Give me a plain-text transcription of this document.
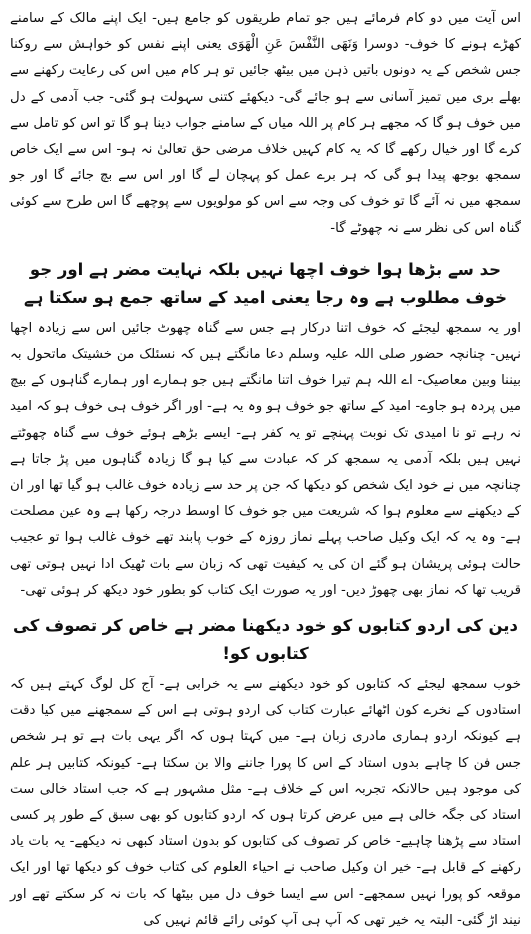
اس آیت میں دو کام فرمائے ہیں جو تمام طریقوں کو جامع ہیں- ایک اپنے مالک کے سامنے کھڑے ہونے کا خوف- دوسرا وَنَهَى النَّفْسَ عَنِ الْهَوَى یعنی اپنے نفس کو خواہش سے روکنا جس شخص کے یہ دونوں باتیں ذہن میں بیٹھ جائیں تو ہر کام میں اس کی رعایت رکھنے سے بھلے بری میں تمیز آسانی سے ہو جائے گی- دیکھئے کتنی سہولت ہو گئی- جب آدمی کے دل میں خوف ہو گا کہ مجھے ہر کام پر اللہ میاں کے سامنے جواب دینا ہو گا تو اس کو تامل سے کرے گا اور خیال رکھے گا کہ یہ کام کہیں خلاف مرضی حق تعالیٰ نہ ہو- اس سے ایک خاص سمجھ بوجھ پیدا ہو گی کہ ہر برے عمل کو پہچان لے گا اور اس سے بچ جائے گا اور جو سمجھ میں نہ آئے گا تو خوف کی وجہ سے اس کو مولویوں سے پوچھے گا اس طرح سے کوئی گناہ اس کی نظر سے نہ چھوٹے گا-

حد سے بڑھا ہوا خوف اچھا نہیں بلکہ نہایت مضر ہے اور جو خوف مطلوب ہے وہ رجا یعنی امید کے ساتھ جمع ہو سکتا ہے

اور یہ سمجھ لیجئے کہ خوف اتنا درکار ہے جس سے گناہ چھوٹ جائیں اس سے زیادہ اچھا نہیں- چنانچہ حضور صلی اللہ علیہ وسلم دعا مانگتے ہیں کہ نسئلک من خشیتک ماتحول بہ بیننا وبین معاصیک- اے اللہ ہم تیرا خوف اتنا مانگتے ہیں جو ہمارے اور ہمارے گناہوں کے بیچ میں پردہ ہو جاوے- امید کے ساتھ جو خوف ہو وہ یہ ہے- اور اگر خوف ہی خوف ہو کہ امید نہ رہے تو نا امیدی تک نوبت پہنچے تو یہ کفر ہے- ایسے بڑھے ہوئے خوف سے گناہ چھوٹتے نہیں ہیں بلکہ آدمی یہ سمجھ کر کہ عبادت سے کیا ہو گا زیادہ گناہوں میں پڑ جاتا ہے چنانچہ میں نے خود ایک شخص کو دیکھا کہ جن پر حد سے زیادہ خوف غالب ہو گیا تھا اور ان کے دیکھنے سے معلوم ہوا کہ شریعت میں جو خوف کا اوسط درجہ رکھا ہے وہ عین مصلحت ہے- وہ یہ کہ ایک وکیل صاحب پہلے نماز روزہ کے خوب پابند تھے خوف غالب ہوا تو عجیب حالت ہوئی پریشان ہو گئے ان کی یہ کیفیت تھی کہ زبان سے بات ٹھیک ادا نہیں ہوتی تھی قریب تھا کہ نماز بھی چھوڑ دیں- اور یہ صورت ایک کتاب کو بطور خود دیکھ کر ہوئی تھی-

دین کی اردو کتابوں کو خود دیکھنا مضر ہے خاص کر تصوف کی کتابوں کو!

خوب سمجھ لیجئے کہ کتابوں کو خود دیکھنے سے یہ خرابی ہے- آج کل لوگ کہتے ہیں کہ استادوں کے نخرے کون اٹھائے عبارت کتاب کی اردو ہوتی ہے اس کے سمجھنے میں کیا دقت ہے کیونکہ اردو ہماری مادری زبان ہے- میں کہتا ہوں کہ اگر یہی بات ہے تو ہر شخص جس فن کا چاہے بدوں استاد کے اس کا پورا جاننے والا بن سکتا ہے- کیونکہ کتابیں ہر علم کی موجود ہیں حالانکہ تجربہ اس کے خلاف ہے- مثل مشہور ہے کہ جب استاد خالی ست استاد کی جگہ خالی ہے میں عرض کرتا ہوں کہ اردو کتابوں کو بھی سبق کے طور پر کسی استاد سے پڑھنا چاہیے- خاص کر تصوف کی کتابوں کو بدون استاد کبھی نہ دیکھے- یہ بات یاد رکھنے کے قابل ہے- خیر ان وکیل صاحب نے احیاء العلوم کی کتاب خوف کو دیکھا تھا اور ایک موقعہ کو پورا نہیں سمجھے- اس سے ایسا خوف دل میں بیٹھا کہ بات نہ کر سکتے تھے اور نیند اڑ گئی- البتہ یہ خیر تھی کہ آپ ہی آپ کوئی رائے قائم نہیں کی
